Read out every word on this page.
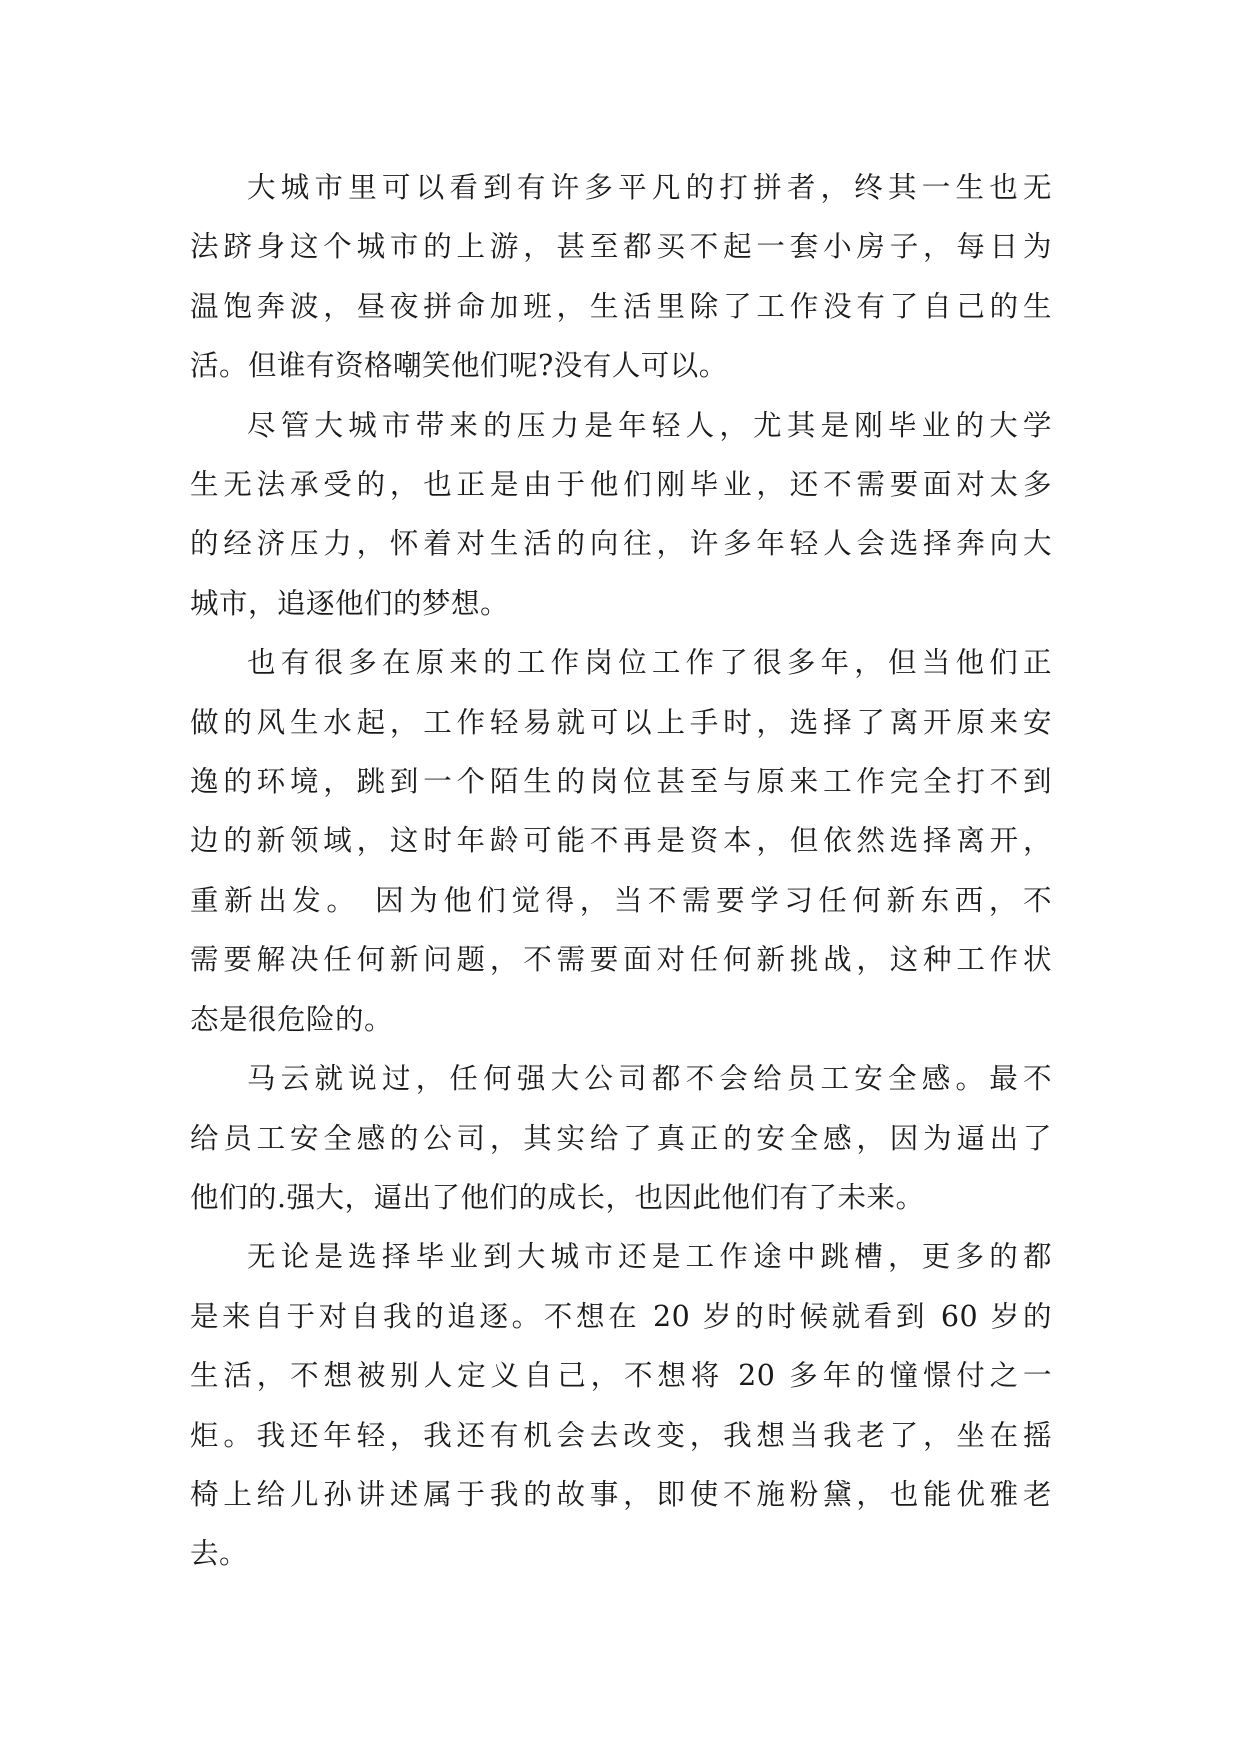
大城市里可以看到有许多平凡的打拼者，终其一生也无
法跻身这个城市的上游，甚至都买不起一套小房子，每日为
温饱奔波，昼夜拼命加班，生活里除了工作没有了自己的生
活。但谁有资格嘲笑他们呢?没有人可以。

尽管大城市带来的压力是年轻人，尤其是刚毕业的大学
生无法承受的，也正是由于他们刚毕业，还不需要面对太多
的经济压力，怀着对生活的向往，许多年轻人会选择奔向大
城市，追逐他们的梦想。

也有很多在原来的工作岗位工作了很多年，但当他们正
做的风生水起，工作轻易就可以上手时，选择了离开原来安
逸的环境，跳到一个陌生的岗位甚至与原来工作完全打不到
边的新领域，这时年龄可能不再是资本，但依然选择离开，
重新出发。 因为他们觉得，当不需要学习任何新东西，不
需要解决任何新问题，不需要面对任何新挑战，这种工作状
态是很危险的。

马云就说过，任何强大公司都不会给员工安全感。最不
给员工安全感的公司，其实给了真正的安全感，因为逼出了
他们的.强大，逼出了他们的成长，也因此他们有了未来。

无论是选择毕业到大城市还是工作途中跳槽，更多的都
是来自于对自我的追逐。不想在 20 岁的时候就看到 60 岁的
生活，不想被别人定义自己，不想将 20 多年的憧憬付之一
炬。我还年轻，我还有机会去改变，我想当我老了，坐在摇
椅上给儿孙讲述属于我的故事，即使不施粉黛，也能优雅老
去。
